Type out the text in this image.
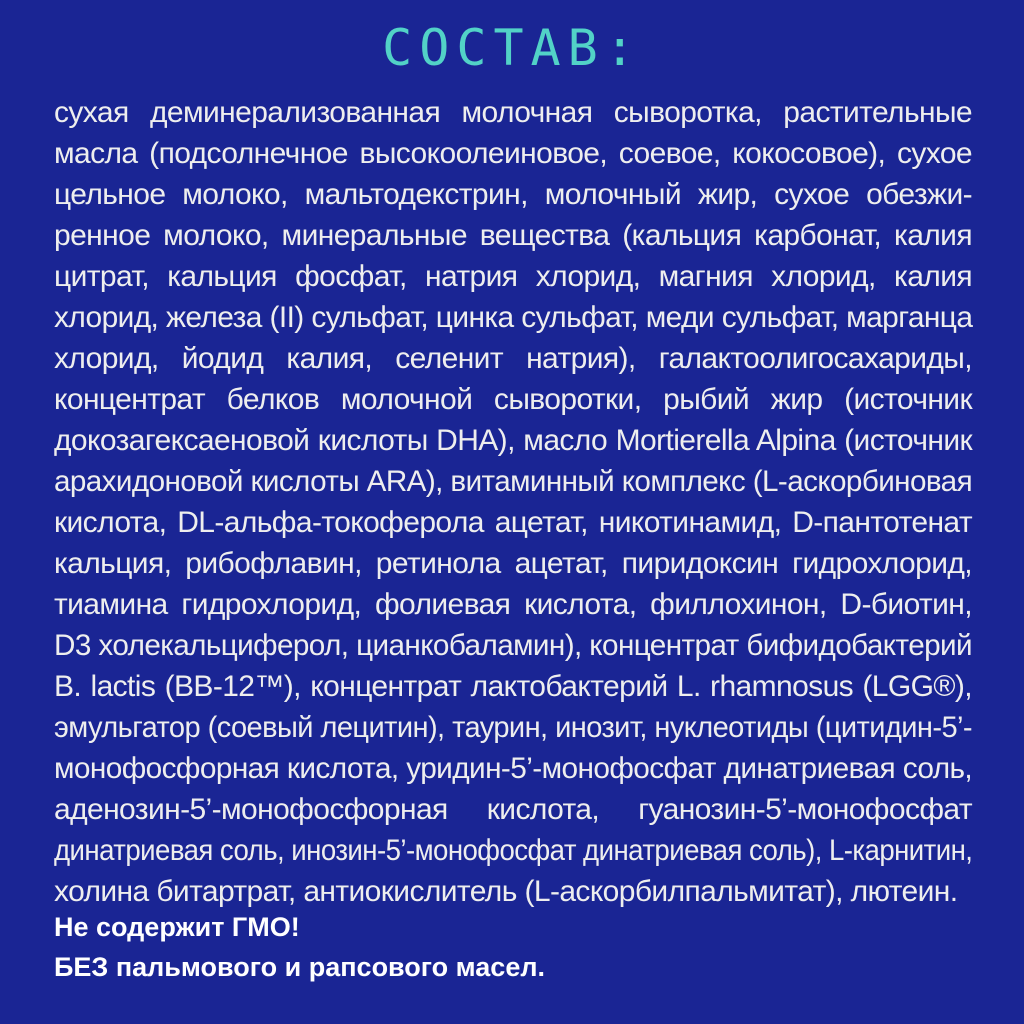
СОСТАВ:
сухая деминерализованная молочная сыворотка, растительные
масла (подсолнечное высокоолеиновое, соевое, кокосовое), сухое
цельное молоко, мальтодекстрин, молочный жир, сухое обезжи-
ренное молоко, минеральные вещества (кальция карбонат, калия
цитрат, кальция фосфат, натрия хлорид, магния хлорид, калия
хлорид, железа (II) сульфат, цинка сульфат, меди сульфат, марганца
хлорид, йодид калия, селенит натрия), галактоолигосахариды,
концентрат белков молочной сыворотки, рыбий жир (источник
докозагексаеновой кислоты DHA), масло Mortierella Alpina (источник
арахидоновой кислоты ARA), витаминный комплекс (L-аскорбиновая
кислота, DL-альфа-токоферола ацетат, никотинамид, D-пантотенат
кальция, рибофлавин, ретинола ацетат, пиридоксин гидрохлорид,
тиамина гидрохлорид, фолиевая кислота, филлохинон, D-биотин,
D3 холекальциферол, цианкобаламин), концентрат бифидобактерий
B. lactis (BB-12™), концентрат лактобактерий L. rhamnosus (LGG®),
эмульгатор (соевый лецитин), таурин, инозит, нуклеотиды (цитидин-5’-
монофосфорная кислота, уридин-5’-монофосфат динатриевая соль,
аденозин-5’-монофосфорная кислота, гуанозин-5’-монофосфат
динатриевая соль, инозин-5’-монофосфат динатриевая соль), L-карнитин,
холина битартрат, антиокислитель (L-аскорбилпальмитат), лютеин.
Не содержит ГМО!
БЕЗ пальмового и рапсового масел.
